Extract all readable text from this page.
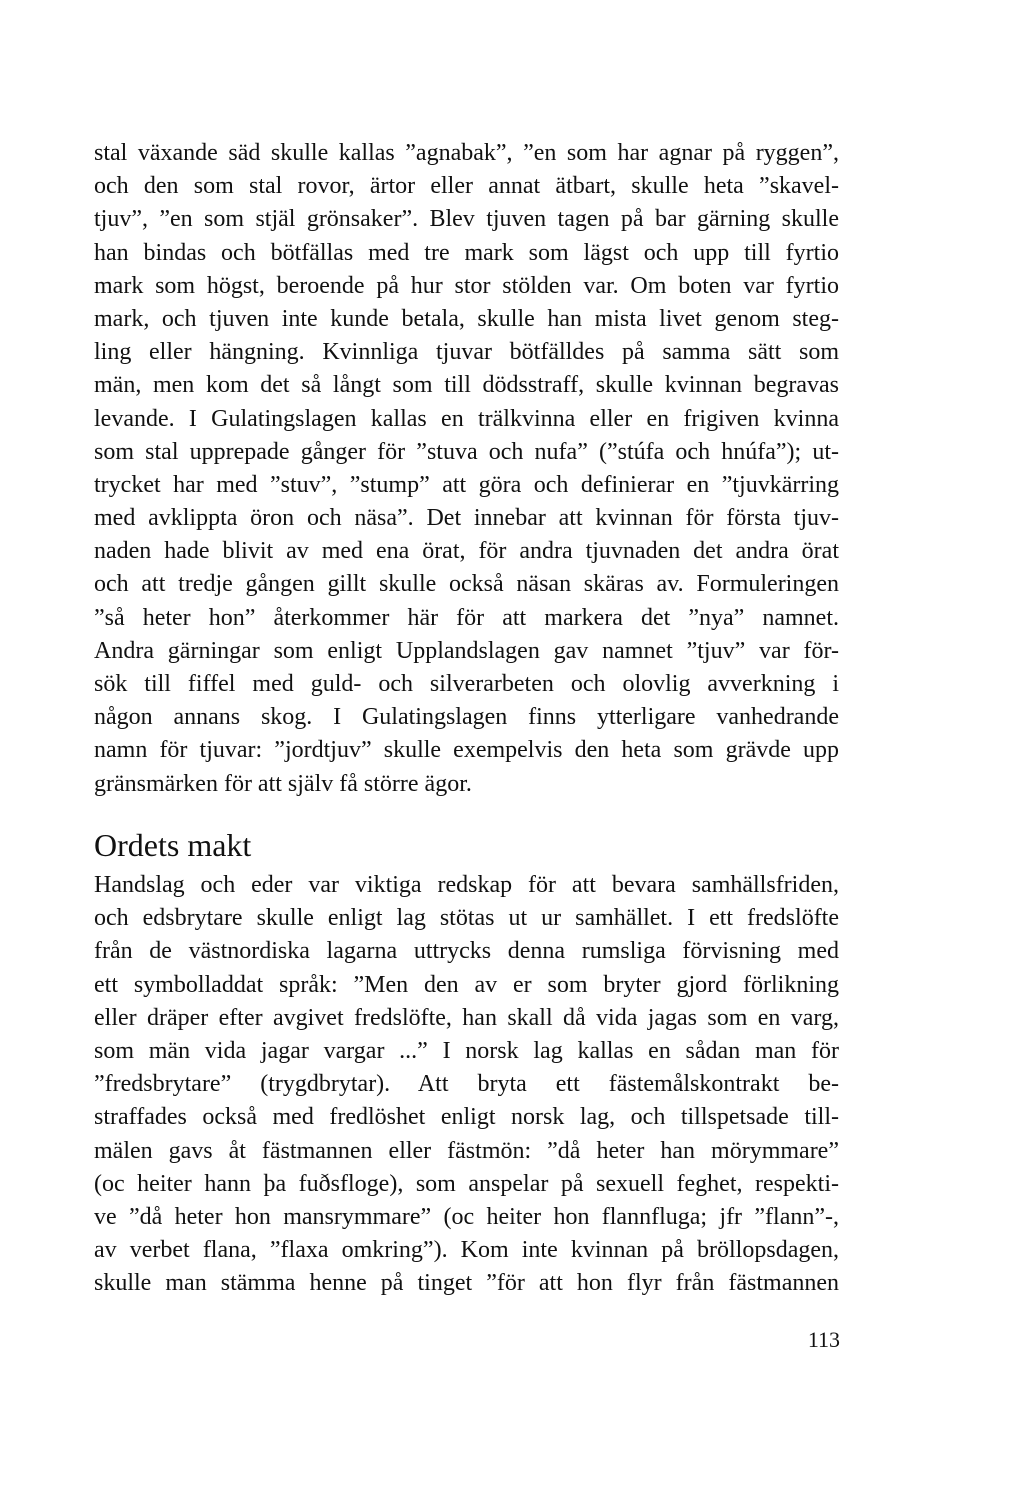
stal växande säd skulle kallas ”agnabak”, ”en som har agnar på ryggen”,
och den som stal rovor, ärtor eller annat ätbart, skulle heta ”skavel-
tjuv”, ”en som stjäl grönsaker”. Blev tjuven tagen på bar gärning skulle
han bindas och bötfällas med tre mark som lägst och upp till fyrtio
mark som högst, beroende på hur stor stölden var. Om boten var fyrtio
mark, och tjuven inte kunde betala, skulle han mista livet genom steg-
ling eller hängning. Kvinnliga tjuvar bötfälldes på samma sätt som
män, men kom det så långt som till dödsstraff, skulle kvinnan begravas
levande. I Gulatingslagen kallas en trälkvinna eller en frigiven kvinna
som stal upprepade gånger för ”stuva och nufa” (”stúfa och hnúfa”); ut-
trycket har med ”stuv”, ”stump” att göra och definierar en ”tjuvkärring
med avklippta öron och näsa”. Det innebar att kvinnan för första tjuv-
naden hade blivit av med ena örat, för andra tjuvnaden det andra örat
och att tredje gången gillt skulle också näsan skäras av. Formuleringen
”så heter hon” återkommer här för att markera det ”nya” namnet.
Andra gärningar som enligt Upplandslagen gav namnet ”tjuv” var för-
sök till fiffel med guld- och silverarbeten och olovlig avverkning i
någon annans skog. I Gulatingslagen finns ytterligare vanhedrande
namn för tjuvar: ”jordtjuv” skulle exempelvis den heta som grävde upp
gränsmärken för att själv få större ägor.
Ordets makt
Handslag och eder var viktiga redskap för att bevara samhällsfriden,
och edsbrytare skulle enligt lag stötas ut ur samhället. I ett fredslöfte
från de västnordiska lagarna uttrycks denna rumsliga förvisning med
ett symbolladdat språk: ”Men den av er som bryter gjord förlikning
eller dräper efter avgivet fredslöfte, han skall då vida jagas som en varg,
som män vida jagar vargar ...” I norsk lag kallas en sådan man för
”fredsbrytare” (trygdbrytar). Att bryta ett fästemålskontrakt be-
straffades också med fredlöshet enligt norsk lag, och tillspetsade till-
mälen gavs åt fästmannen eller fästmön: ”då heter han mörymmare”
(oc heiter hann þa fuðsfloge), som anspelar på sexuell feghet, respekti-
ve ”då heter hon mansrymmare” (oc heiter hon flannfluga; jfr ”flann”-,
av verbet flana, ”flaxa omkring”). Kom inte kvinnan på bröllopsdagen,
skulle man stämma henne på tinget ”för att hon flyr från fästmannen

113
